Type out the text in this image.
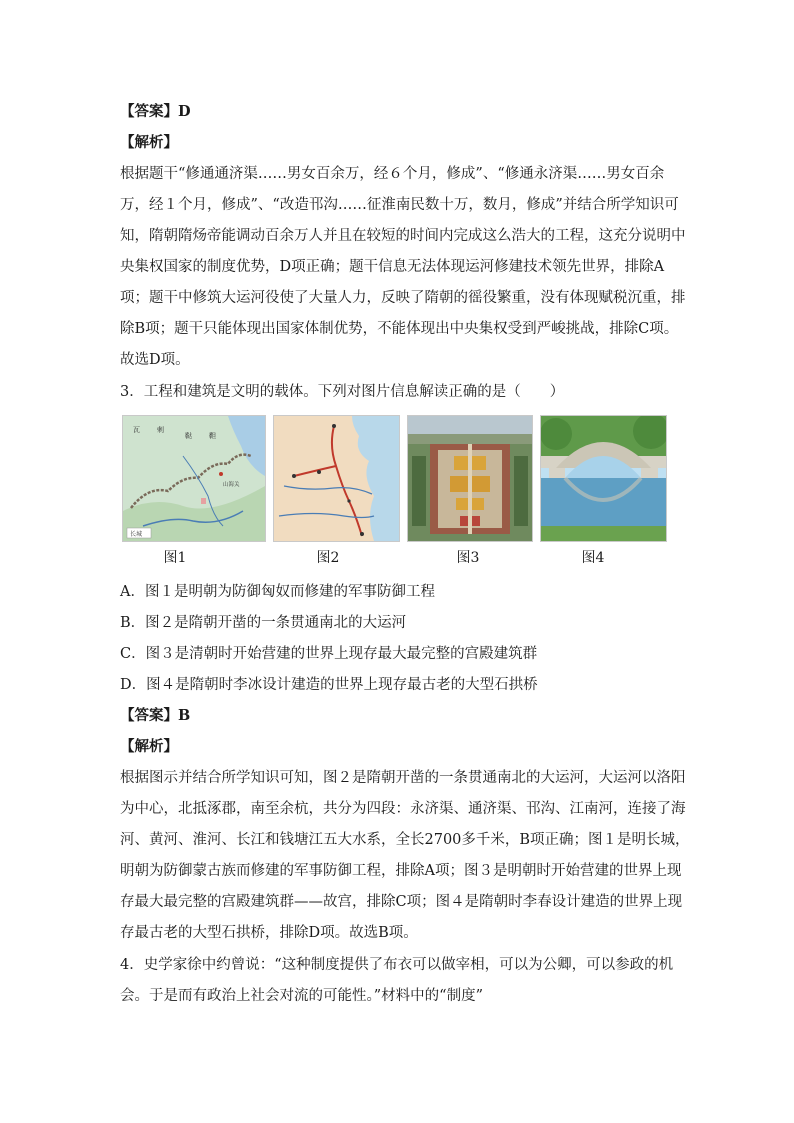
【答案】D
【解析】
根据题干“修通通济渠……男女百余万，经６个月，修成”、“修通永济渠……男女百余
万，经１个月，修成”、“改造邗沟……征淮南民数十万，数月，修成”并结合所学知识可
知，隋朝隋炀帝能调动百余万人并且在较短的时间内完成这么浩大的工程，这充分说明中
央集权国家的制度优势，D项正确；题干信息无法体现运河修建技术领先世界，排除A
项；题干中修筑大运河役使了大量人力，反映了隋朝的徭役繁重，没有体现赋税沉重，排
除B项；题干只能体现出国家体制优势，不能体现出中央集权受到严峻挑战，排除C项。
故选D项。
3．工程和建筑是文明的载体。下列对图片信息解读正确的是（　　）
瓦 剌
鞑 靼
山海关
长城
图1	图2	图3	图4
A．图１是明朝为防御匈奴而修建的军事防御工程
B．图２是隋朝开凿的一条贯通南北的大运河
C．图３是清朝时开始营建的世界上现存最大最完整的宫殿建筑群
D．图４是隋朝时李冰设计建造的世界上现存最古老的大型石拱桥
【答案】B
【解析】
根据图示并结合所学知识可知，图２是隋朝开凿的一条贯通南北的大运河，大运河以洛阳
为中心，北抵涿郡，南至余杭，共分为四段：永济渠、通济渠、邗沟、江南河，连接了海
河、黄河、淮河、长江和钱塘江五大水系，全长2700多千米，B项正确；图１是明长城，
明朝为防御蒙古族而修建的军事防御工程，排除A项；图３是明朝时开始营建的世界上现
存最大最完整的宫殿建筑群——故宫，排除C项；图４是隋朝时李春设计建造的世界上现
存最古老的大型石拱桥，排除D项。故选B项。
4．史学家徐中约曾说：“这种制度提供了布衣可以做宰相，可以为公卿，可以参政的机
会。于是而有政治上社会对流的可能性。”材料中的“制度”
